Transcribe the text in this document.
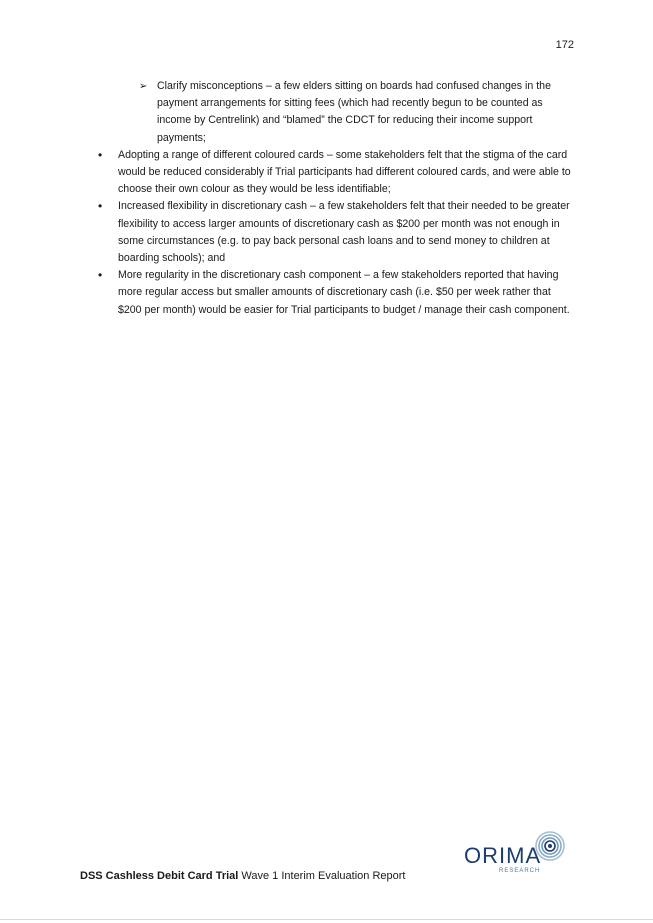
172
➢ Clarify misconceptions – a few elders sitting on boards had confused changes in the payment arrangements for sitting fees (which had recently begun to be counted as income by Centrelink) and “blamed” the CDCT for reducing their income support payments;
• Adopting a range of different coloured cards – some stakeholders felt that the stigma of the card would be reduced considerably if Trial participants had different coloured cards, and were able to choose their own colour as they would be less identifiable;
• Increased flexibility in discretionary cash – a few stakeholders felt that their needed to be greater flexibility to access larger amounts of discretionary cash as $200 per month was not enough in some circumstances (e.g. to pay back personal cash loans and to send money to children at boarding schools); and
• More regularity in the discretionary cash component – a few stakeholders reported that having more regular access but smaller amounts of discretionary cash (i.e. $50 per week rather that $200 per month) would be easier for Trial participants to budget / manage their cash component.
ORIMA
RESEARCH
DSS Cashless Debit Card Trial Wave 1 Interim Evaluation Report
